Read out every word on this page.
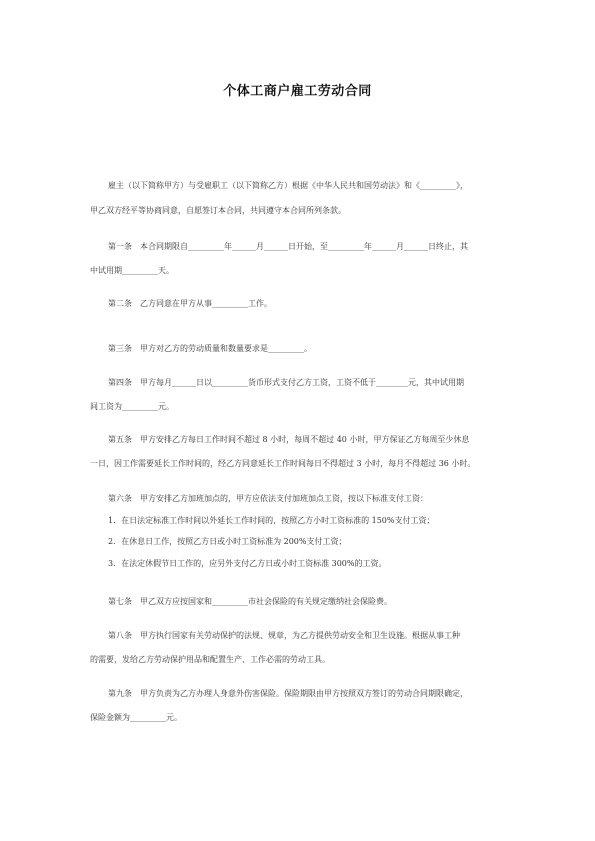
个体工商户雇工劳动合同
雇主（以下简称甲方）与受雇职工（以下简称乙方）根据《中华人民共和国劳动法》和《_________》，
甲乙双方经平等协商同意，自愿签订本合同，共同遵守本合同所列条款。
第一条　本合同期限自_________年______月______日开始，至_________年______月______日终止，其
中试用期_________天。
第二条　乙方同意在甲方从事_________工作。
第三条　甲方对乙方的劳动质量和数量要求是_________。
第四条　甲方每月______日以_________货币形式支付乙方工资，工资不低于________元，其中试用期
间工资为_________元。
第五条　甲方安排乙方每日工作时间不超过 8 小时，每周不超过 40 小时，甲方保证乙方每周至少休息
一日，因工作需要延长工作时间的，经乙方同意延长工作时间每日不得超过 3 小时，每月不得超过 36 小时。
第六条　甲方安排乙方加班加点的，甲方应依法支付加班加点工资，按以下标准支付工资：
1．在日法定标准工作时间以外延长工作时间的，按照乙方小时工资标准的 150%支付工资；
2．在休息日工作，按照乙方日或小时工资标准为 200%支付工资；
3．在法定休假节日工作的，应另外支付乙方日或小时工资标准 300%的工资。
第七条　甲乙双方应按国家和_________市社会保险的有关规定缴纳社会保险费。
第八条　甲方执行国家有关劳动保护的法规、规章，为乙方提供劳动安全和卫生设施。根据从事工种
的需要，发给乙方劳动保护用品和配置生产、工作必需的劳动工具。
第九条　甲方负责为乙方办理人身意外伤害保险。保险期限由甲方按照双方签订的劳动合同期限确定，
保险金额为_________元。
